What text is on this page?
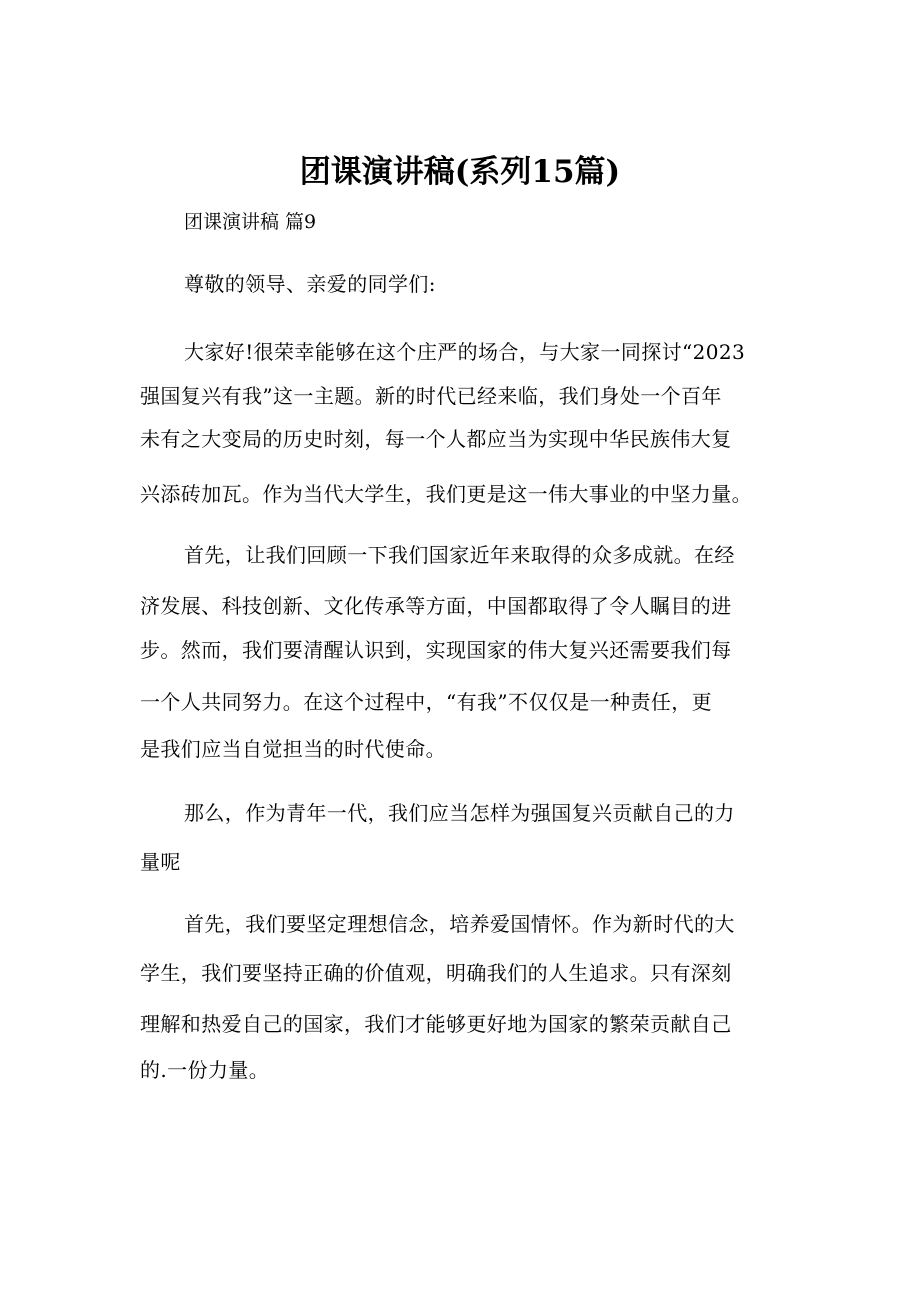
团课演讲稿(系列15篇)
团课演讲稿 篇9
尊敬的领导、亲爱的同学们:
大家好!很荣幸能够在这个庄严的场合，与大家一同探讨“2023
强国复兴有我”这一主题。新的时代已经来临，我们身处一个百年
未有之大变局的历史时刻，每一个人都应当为实现中华民族伟大复
兴添砖加瓦。作为当代大学生，我们更是这一伟大事业的中坚力量。
首先，让我们回顾一下我们国家近年来取得的众多成就。在经
济发展、科技创新、文化传承等方面，中国都取得了令人瞩目的进
步。然而，我们要清醒认识到，实现国家的伟大复兴还需要我们每
一个人共同努力。在这个过程中，“有我”不仅仅是一种责任，更
是我们应当自觉担当的时代使命。
那么，作为青年一代，我们应当怎样为强国复兴贡献自己的力
量呢
首先，我们要坚定理想信念，培养爱国情怀。作为新时代的大
学生，我们要坚持正确的价值观，明确我们的人生追求。只有深刻
理解和热爱自己的国家，我们才能够更好地为国家的繁荣贡献自己
的.一份力量。
